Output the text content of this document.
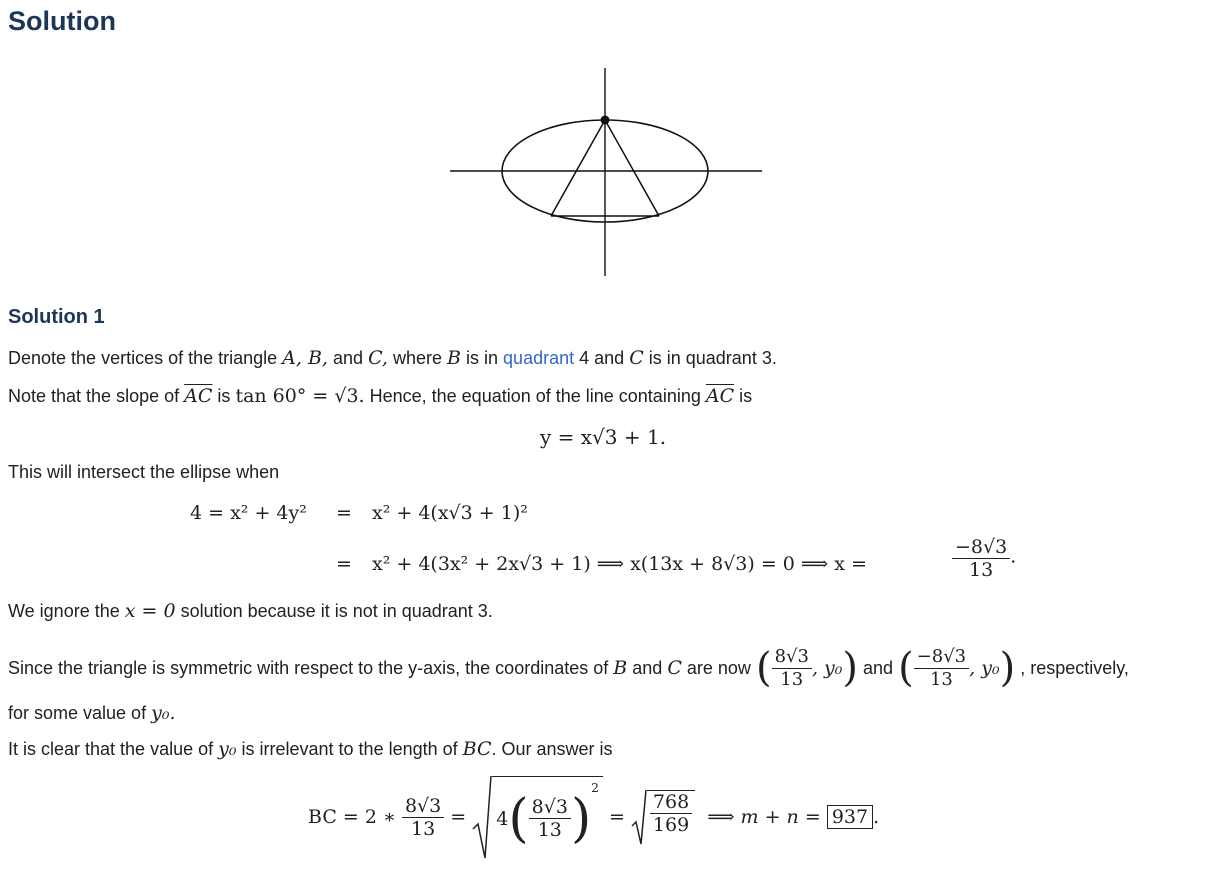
Solution
Solution 1
Denote the vertices of the triangle A, B, and C, where B is in quadrant 4 and C is in quadrant 3.
Note that the slope of $\overline{AC}$ is tan 60° = √3. Hence, the equation of the line containing $\overline{AC}$ is
y = x√3 + 1.
This will intersect the ellipse when
4 = x² + 4y² = x² + 4(x√3 + 1)²
= x² + 4(3x² + 2x√3 + 1) ⟹ x(13x + 8√3) = 0 ⟹ x =	$\frac{-8√3}{13}$ .
We ignore the x = 0 solution because it is not in quadrant 3.
Since the triangle is symmetric with respect to the y-axis, the coordinates of
B
and
C
are now
( $\frac{8√3}{13}$ , y₀ )
and
( $\frac{-8√3}{13}$ , y₀ )
, respectively,
for some value of y₀.
It is clear that the value of y₀ is irrelevant to the length of BC. Our answer is
BC = 2 ∗
$\frac{8√3}{13}$
=
4 ( $\frac{8√3}{13}$ )
$^2$

=
$\frac{768}{169}$
⟹ m + n =
937 .
